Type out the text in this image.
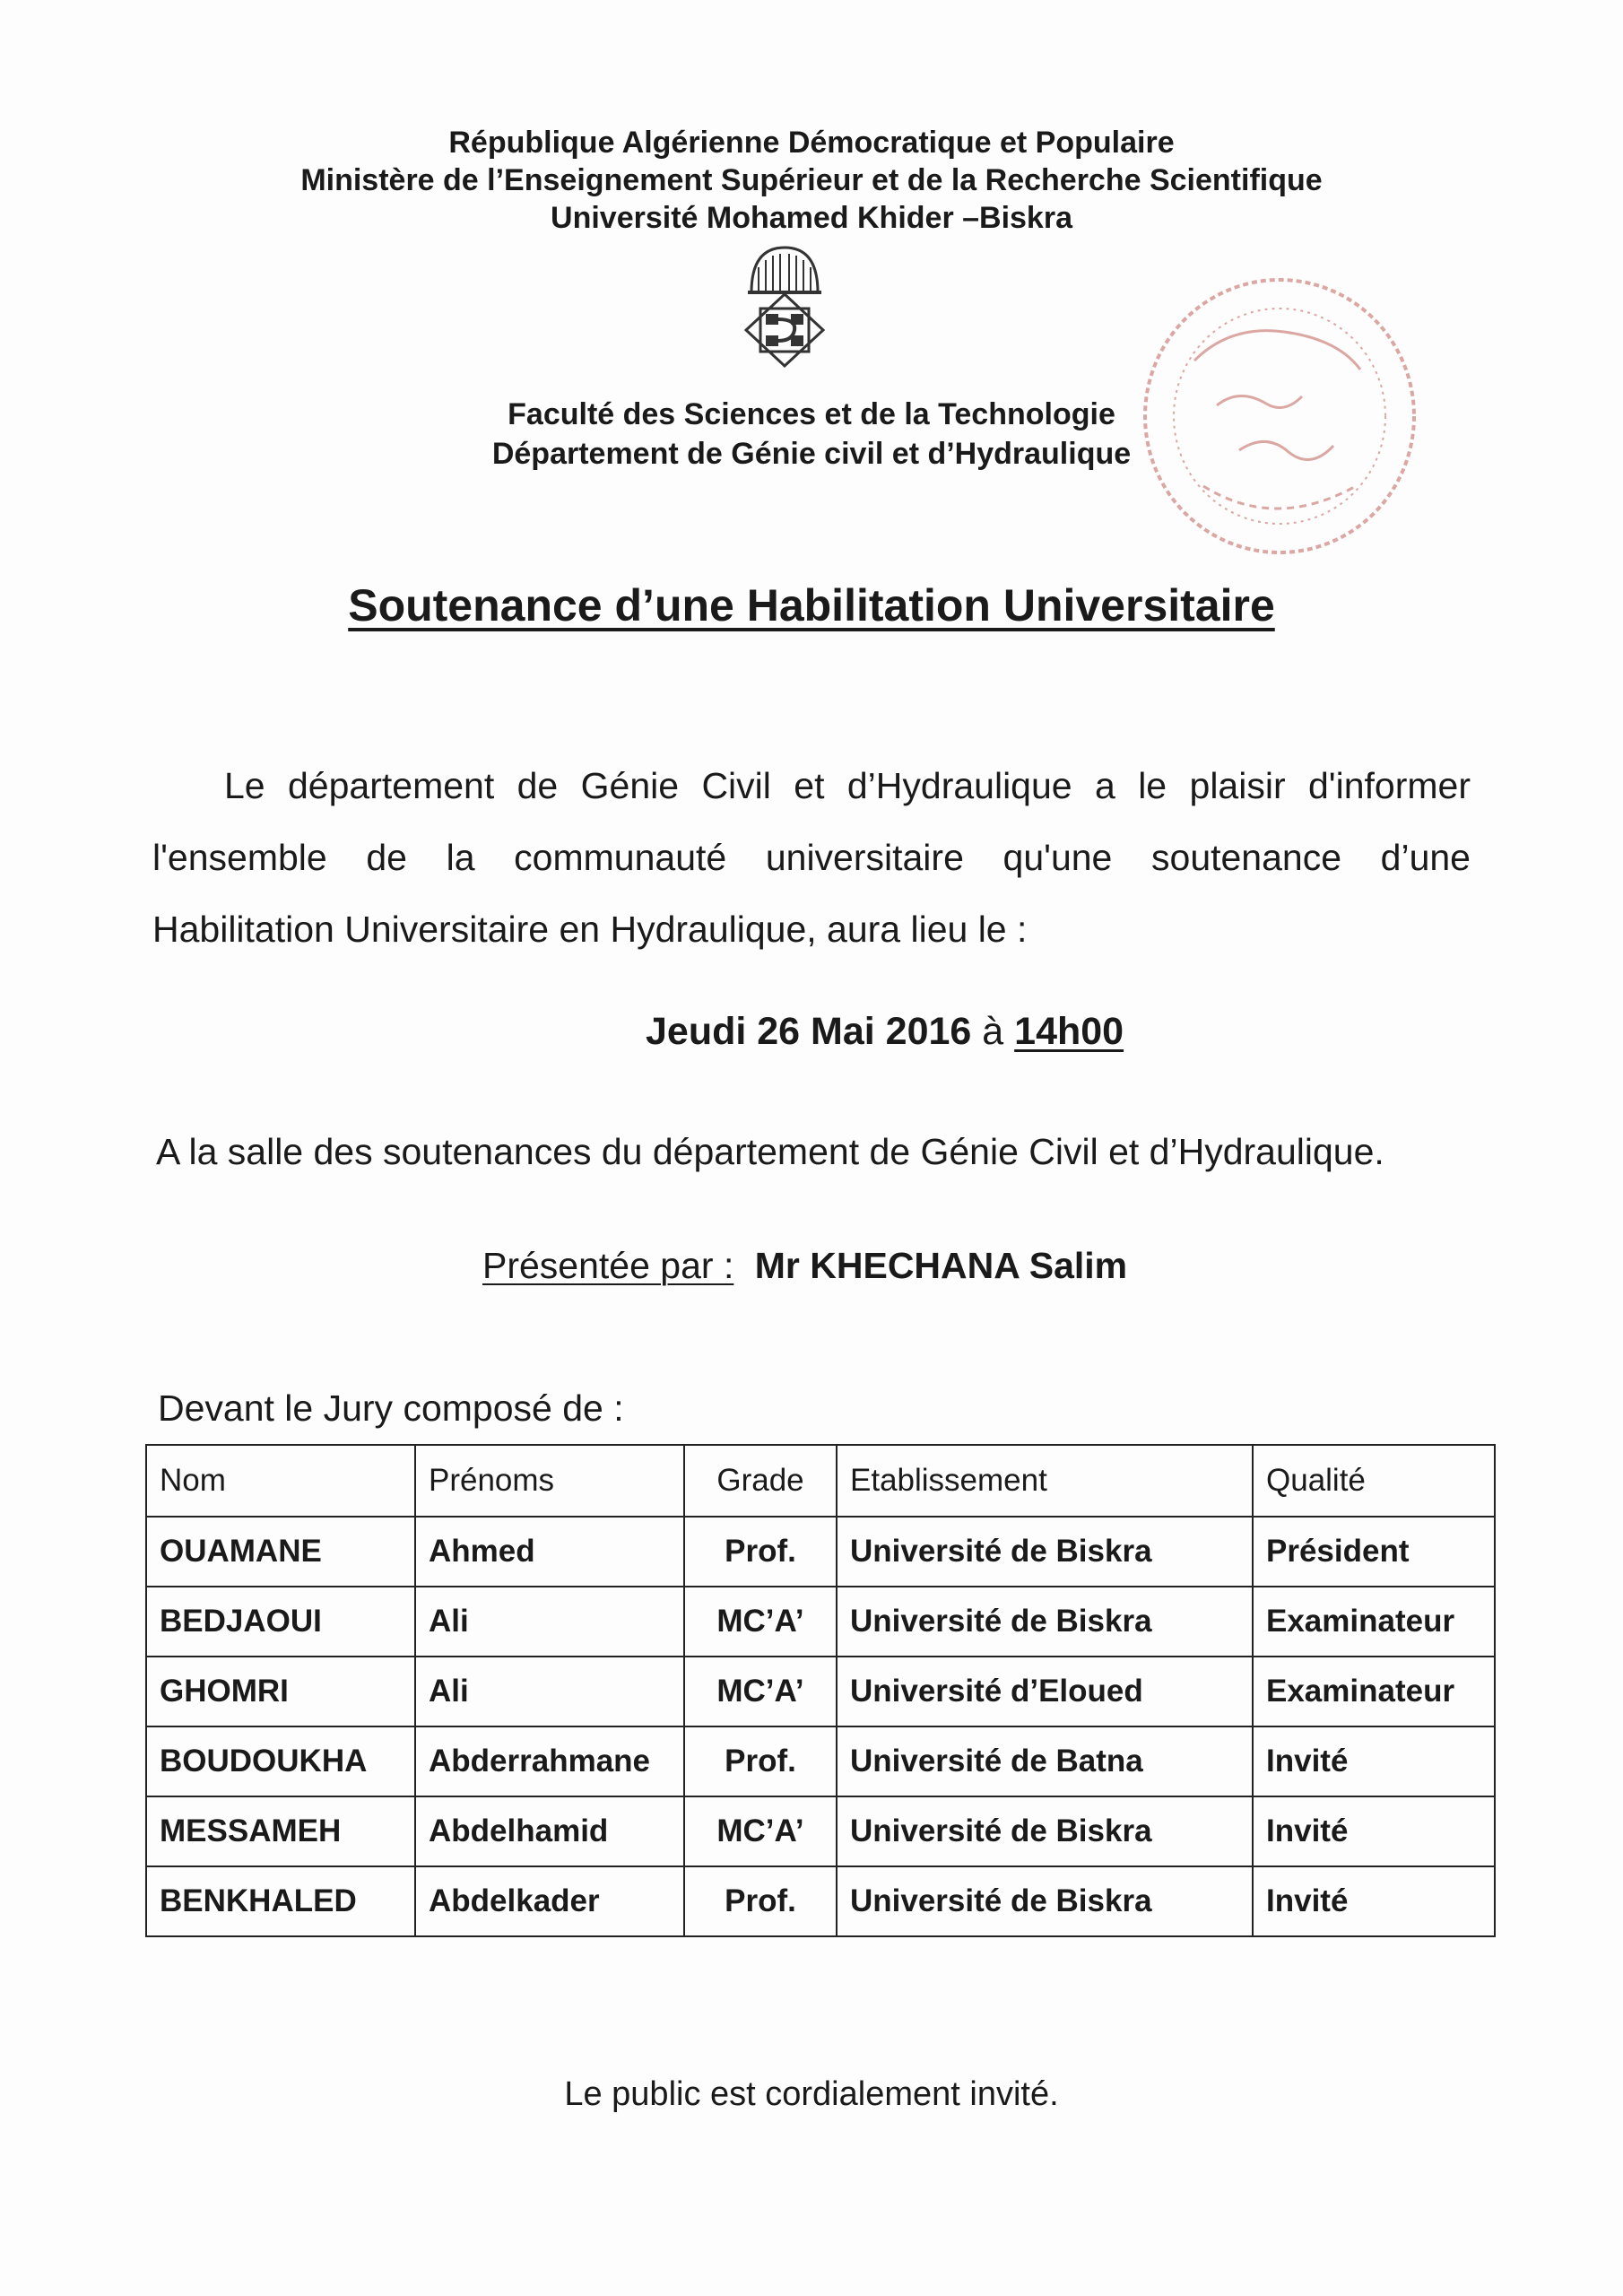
République Algérienne Démocratique et Populaire
Ministère de l’Enseignement Supérieur et de la Recherche Scientifique
Université Mohamed Khider –Biskra
Faculté des Sciences et de la Technologie
Département de Génie civil et d’Hydraulique
Soutenance d’une Habilitation Universitaire
Le département de Génie Civil et d’Hydraulique a le plaisir d'informer
l'ensemble de la communauté universitaire qu'une soutenance d’une
Habilitation Universitaire en Hydraulique, aura lieu le :
Jeudi 26 Mai 2016 à 14h00
A la salle des soutenances du département de Génie Civil et d’Hydraulique.
Présentée par : Mr KHECHANA Salim
Devant le Jury composé de :
Nom	Prénoms	Grade	Etablissement	Qualité
OUAMANE	Ahmed	Prof.	Université de Biskra	Président
BEDJAOUI	Ali	MC’A’	Université de Biskra	Examinateur
GHOMRI	Ali	MC’A’	Université d’Eloued	Examinateur
BOUDOUKHA	Abderrahmane	Prof.	Université de Batna	Invité
MESSAMEH	Abdelhamid	MC’A’	Université de Biskra	Invité
BENKHALED	Abdelkader	Prof.	Université de Biskra	Invité
Le public est cordialement invité.
